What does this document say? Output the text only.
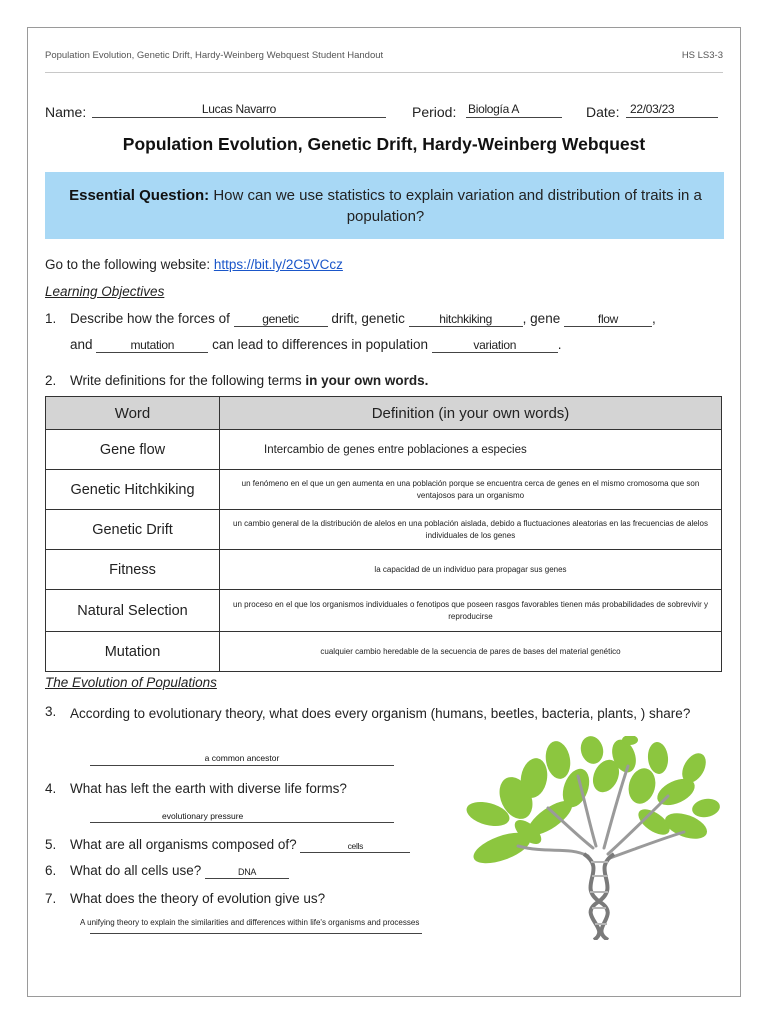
Population Evolution, Genetic Drift, Hardy-Weinberg Webquest Student Handout	HS LS3-3
Name:	Lucas Navarro	Period: Biología A	Date: 22/03/23
Population Evolution, Genetic Drift, Hardy-Weinberg Webquest
Essential Question: How can we use statistics to explain variation and distribution of traits in a population?
Go to the following website: https://bit.ly/2C5VCcz
Learning Objectives
1. Describe how the forces of	genetic drift, genetic	hitchkiking , gene	flow	,
and	mutation	can lead to differences in population	variation	.
2. Write definitions for the following terms in your own words.
Word	Definition (in your own words)
Gene flow	Intercambio de genes entre poblaciones a especies
Genetic Hitchkiking	un fenómeno en el que un gen aumenta en una población porque se encuentra cerca de genes en el mismo cromosoma que son ventajosos para un organismo
Genetic Drift	un cambio general de la distribución de alelos en una población aislada, debido a fluctuaciones aleatorias en las frecuencias de alelos individuales de los genes
Fitness	la capacidad de un individuo para propagar sus genes
Natural Selection	un proceso en el que los organismos individuales o fenotipos que poseen rasgos favorables tienen más probabilidades de sobrevivir y reproducirse
Mutation	cualquier cambio heredable de la secuencia de pares de bases del material genético
The Evolution of Populations
3. According to evolutionary theory, what does every organism (humans, beetles, bacteria, plants, ) share?
a common ancestor
4. What has left the earth with diverse life forms?
evolutionary pressure
5. What are all organisms composed of?	cells
6. What do all cells use?	DNA
7. What does the theory of evolution give us?
A unifying theory to explain the similarities and differences within life's organisms and processes
